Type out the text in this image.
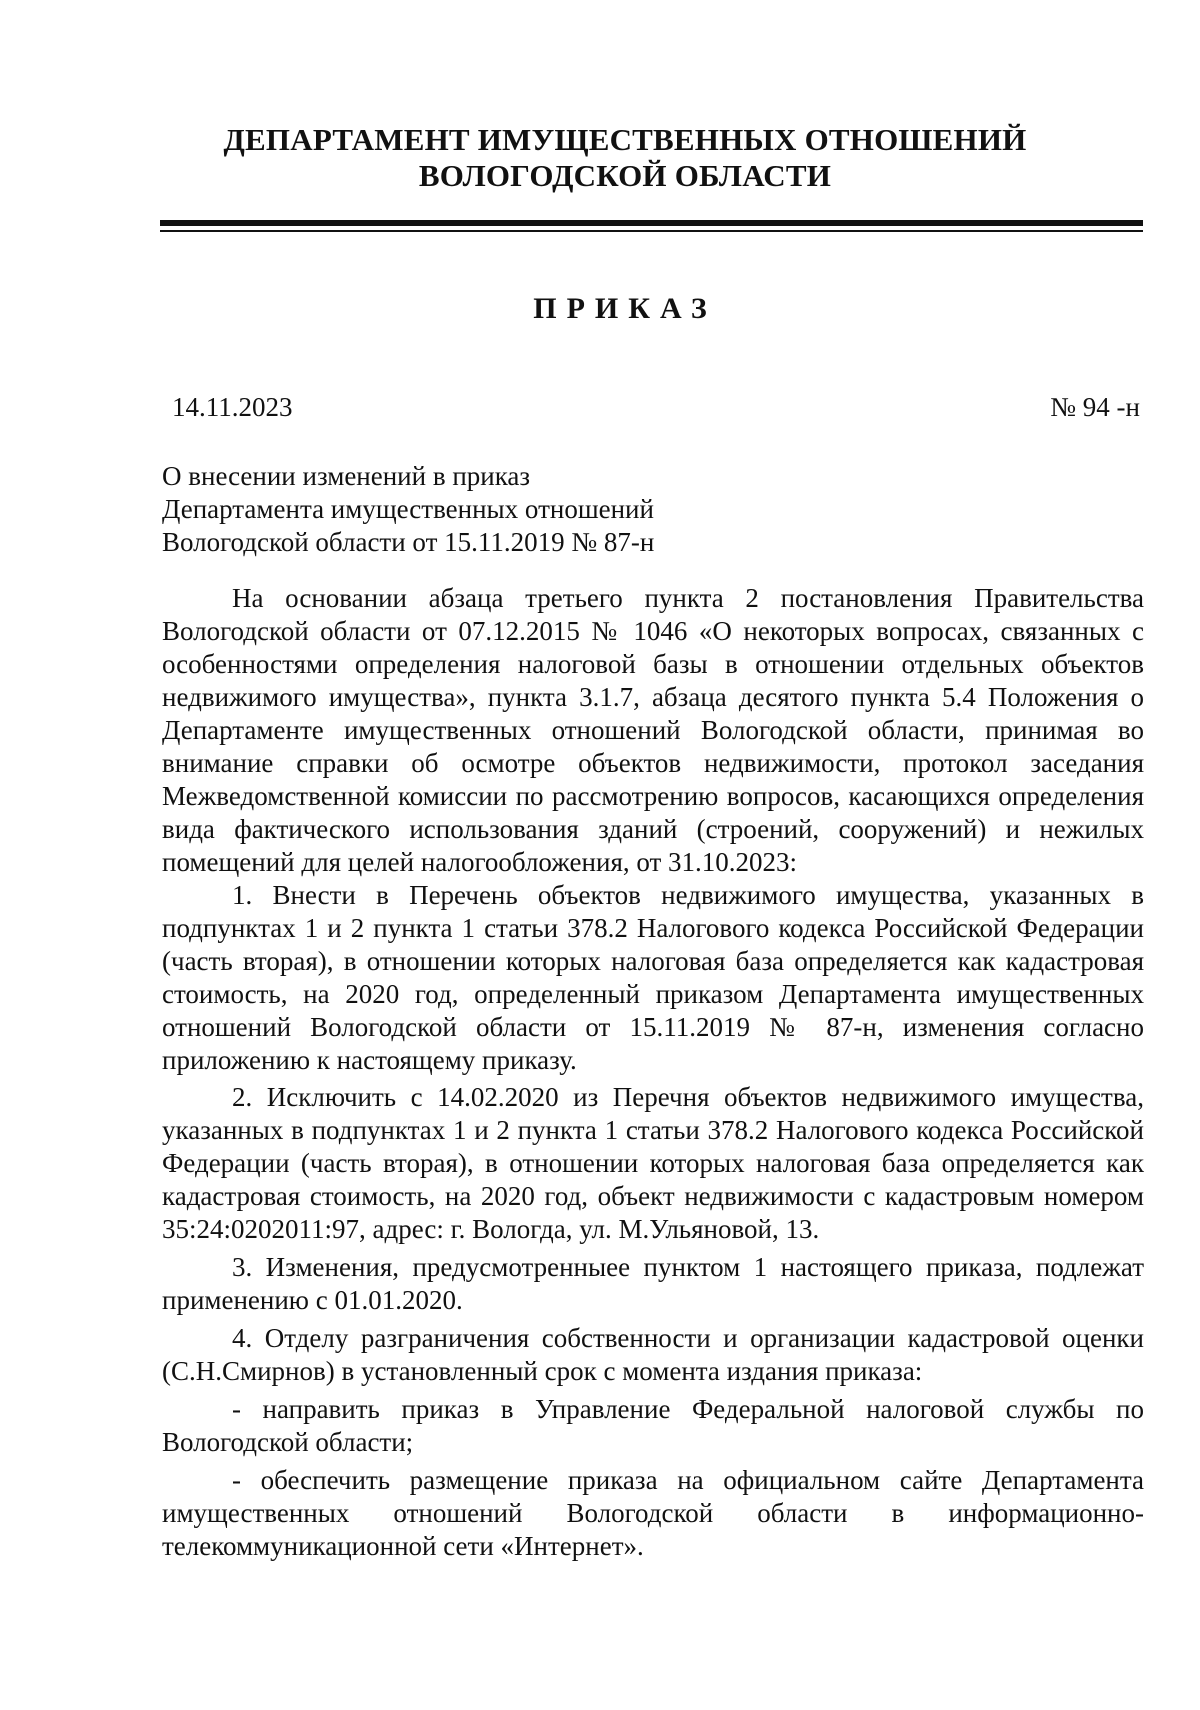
ДЕПАРТАМЕНТ ИМУЩЕСТВЕННЫХ ОТНОШЕНИЙ
ВОЛОГОДСКОЙ ОБЛАСТИ
ПРИКАЗ
14.11.2023	№ 94 -н
О внесении изменений в приказ
Департамента имущественных отношений
Вологодской области от 15.11.2019 № 87-н

На основании абзаца третьего пункта 2 постановления Правительства Вологодской области от 07.12.2015 № 1046 «О некоторых вопросах, связанных с особенностями определения налоговой базы в отношении отдельных объектов недвижимого имущества», пункта 3.1.7, абзаца десятого пункта 5.4 Положения о Департаменте имущественных отношений Вологодской области, принимая во внимание справки об осмотре объектов недвижимости, протокол заседания Межведомственной комиссии по рассмотрению вопросов, касающихся определения вида фактического использования зданий (строений, сооружений) и нежилых помещений для целей налогообложения, от 31.10.2023:

1. Внести в Перечень объектов недвижимого имущества, указанных в подпунктах 1 и 2 пункта 1 статьи 378.2 Налогового кодекса Российской Федерации (часть вторая), в отношении которых налоговая база определяется как кадастровая стоимость, на 2020 год, определенный приказом Департамента имущественных отношений Вологодской области от 15.11.2019 № 87-н, изменения согласно приложению к настоящему приказу.

2. Исключить с 14.02.2020 из Перечня объектов недвижимого имущества, указанных в подпунктах 1 и 2 пункта 1 статьи 378.2 Налогового кодекса Российской Федерации (часть вторая), в отношении которых налоговая база определяется как кадастровая стоимость, на 2020 год, объект недвижимости с кадастровым номером 35:24:0202011:97, адрес: г. Вологда, ул. М.Ульяновой, 13.

3. Изменения, предусмотренныее пунктом 1 настоящего приказа, подлежат применению с 01.01.2020.

4. Отделу разграничения собственности и организации кадастровой оценки (С.Н.Смирнов) в установленный срок с момента издания приказа:

- направить приказ в Управление Федеральной налоговой службы по Вологодской области;

- обеспечить размещение приказа на официальном сайте Департамента имущественных отношений Вологодской области в информационно-телекоммуникационной сети «Интернет».
